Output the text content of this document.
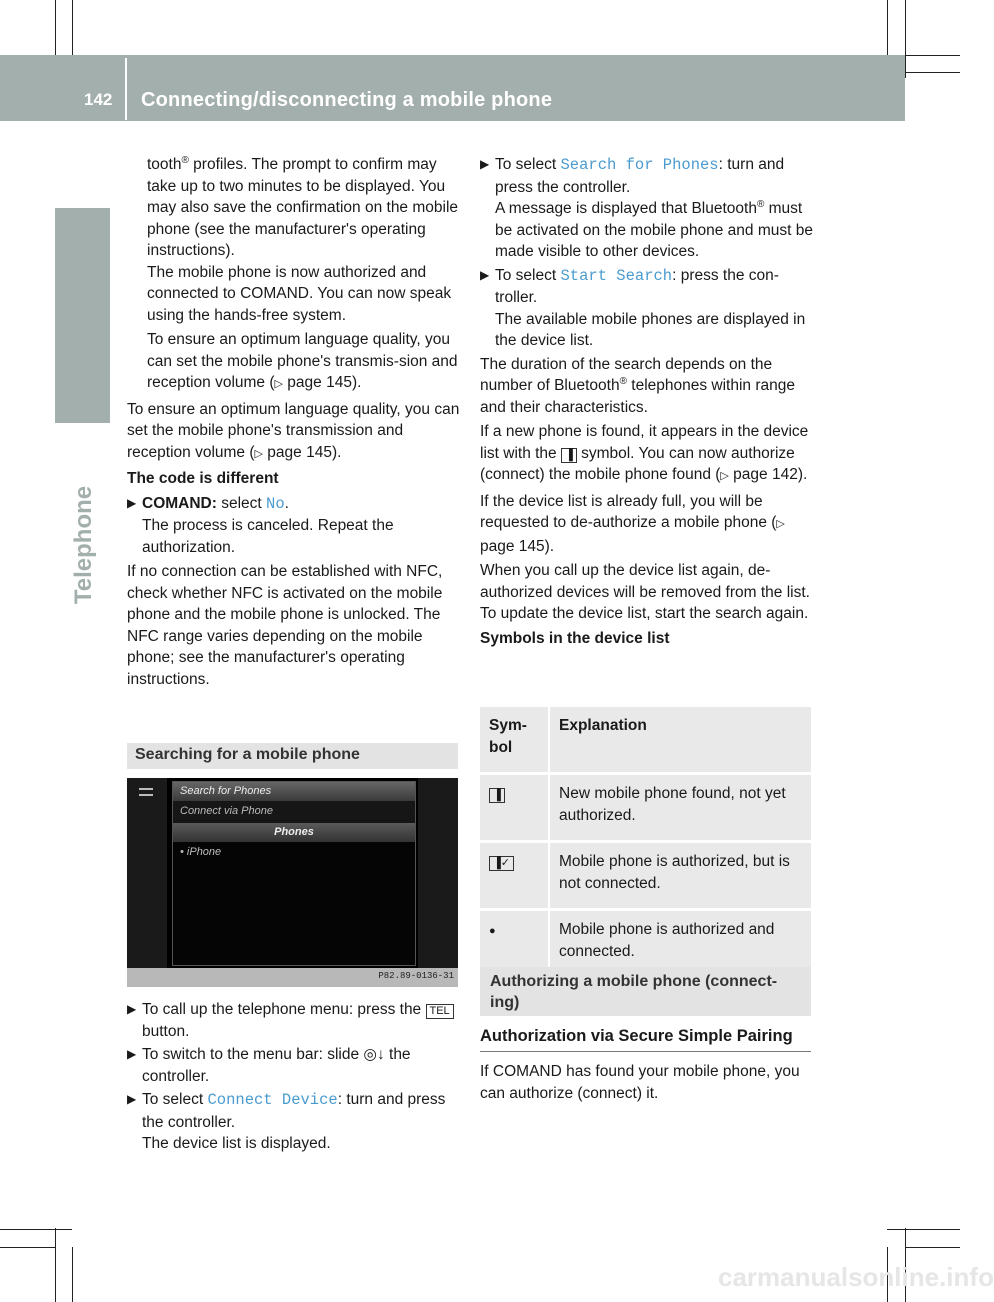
142 Connecting/disconnecting a mobile phone
Telephone

tooth® profiles. The prompt to confirm may take up to two minutes to be displayed. You may also save the confirmation on the mobile phone (see the manufacturer's operating instructions).
The mobile phone is now authorized and connected to COMAND. You can now speak using the hands-free system.

To ensure an optimum language quality, you can set the mobile phone's transmis-sion and reception volume (▷ page 145).

To ensure an optimum language quality, you can set the mobile phone's transmission and reception volume (▷ page 145).

The code is different

▶ COMAND: select No.
The process is canceled. Repeat the authorization.

If no connection can be established with NFC, check whether NFC is activated on the mobile phone and the mobile phone is unlocked. The NFC range varies depending on the mobile phone; see the manufacturer's operating instructions.

Searching for a mobile phone
Search for Phones
Connect via Phone
Phones
• iPhone
P82.89-0136-31
▶ To call up the telephone menu: press the TEL button.
▶ To switch to the menu bar: slide ◎↓ the controller.
▶ To select Connect Device: turn and press the controller.
The device list is displayed.
▶ To select Search for Phones: turn and press the controller.
A message is displayed that Bluetooth® must be activated on the mobile phone and must be made visible to other devices.
▶ To select Start Search: press the con-troller.
The available mobile phones are displayed in the device list.

The duration of the search depends on the number of Bluetooth® telephones within range and their characteristics.

If a new phone is found, it appears in the device list with the ▐ symbol. You can now authorize (connect) the mobile phone found (▷ page 142).

If the device list is already full, you will be requested to de-authorize a mobile phone (▷ page 145).

When you call up the device list again, de-authorized devices will be removed from the list. To update the device list, start the search again.

Symbols in the device list

Sym-bol	Explanation
▐	New mobile phone found, not yet authorized.
▐✓	Mobile phone is authorized, but is not connected.
●	Mobile phone is authorized and connected.
Authorizing a mobile phone (connect-ing)
Authorization via Secure Simple Pairing

If COMAND has found your mobile phone, you can authorize (connect) it.

carmanualsonline.info
